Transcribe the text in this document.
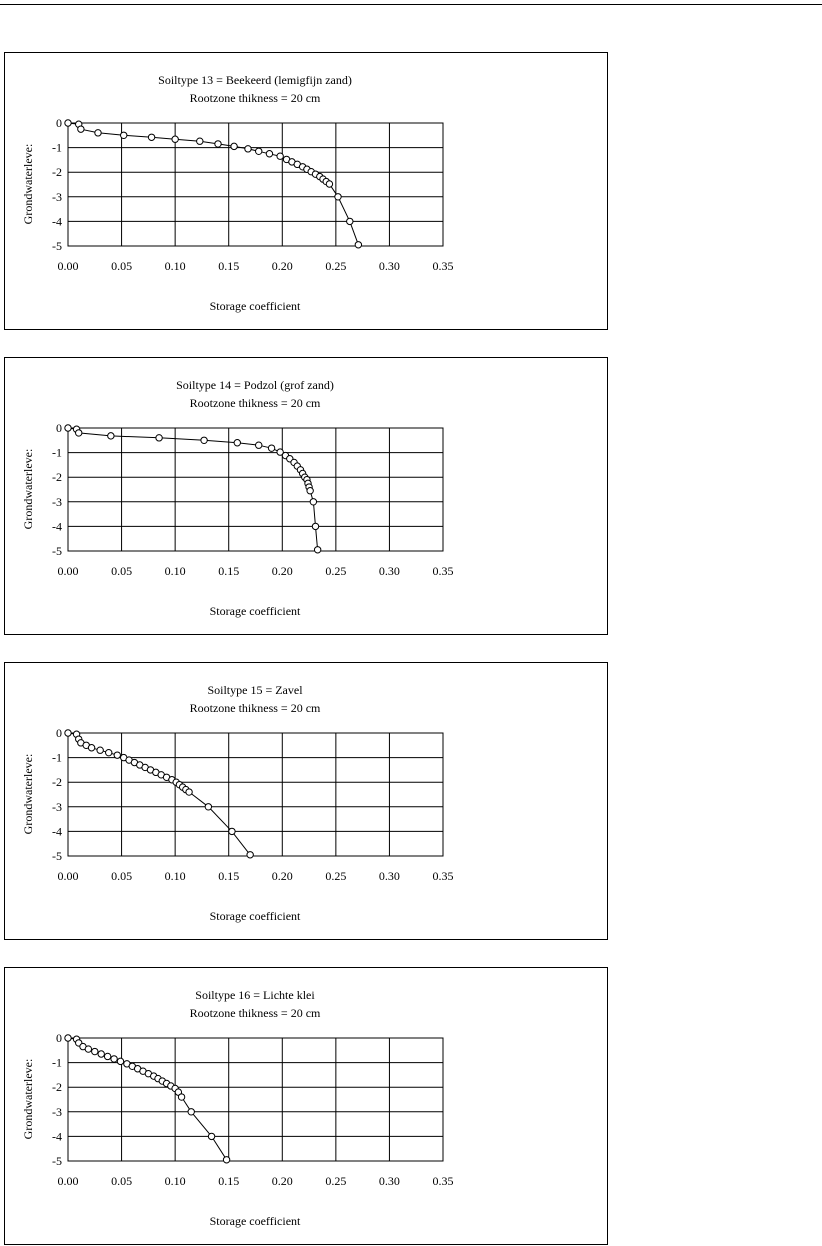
Soiltype 13 = Beekeerd (lemigfijn zand)
Rootzone thikness = 20 cm
0.00	0.05	0.10	0.15	0.20	0.25	0.30	0.35
0
-1
-2
-3
-4
-5
Storage coefficient
Grondwaterleve:
Soiltype 14 = Podzol (grof zand)
Rootzone thikness = 20 cm
0.00	0.05	0.10	0.15	0.20	0.25	0.30	0.35
0
-1
-2
-3
-4
-5
Storage coefficient
Grondwaterleve:
Soiltype 15 = Zavel
Rootzone thikness = 20 cm
0.00	0.05	0.10	0.15	0.20	0.25	0.30	0.35
0
-1
-2
-3
-4
-5
Storage coefficient
Grondwaterleve:
Soiltype 16 = Lichte klei
Rootzone thikness = 20 cm
0.00	0.05	0.10	0.15	0.20	0.25	0.30	0.35
0
-1
-2
-3
-4
-5
Storage coefficient
Grondwaterleve:
